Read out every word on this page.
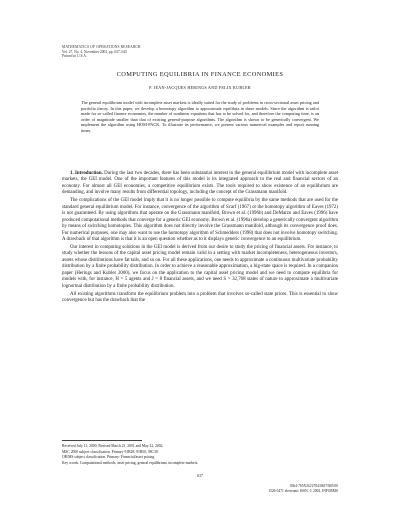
MATHEMATICS OF OPERATIONS RESEARCH
Vol. 27, No. 4, November 2002, pp. 637–645
Printed in U.S.A.
COMPUTING EQUILIBRIA IN FINANCE ECONOMIES
P. JEAN-JACQUES HERINGS AND FELIX KUBLER
The general equilibrium model with incomplete asset markets is ideally suited for the study of problems in cross-sectional asset pricing and portfolio theory. In this paper, we develop a homotopy algorithm to approximate equilibria in these models. Since the algorithm is tailor made for so-called finance economies, the number of nonlinear equations that has to be solved for, and therefore the computing time, is an order of magnitude smaller than that of existing general-purpose algorithms. The algorithm is shown to be generically convergent. We implement the algorithm using HOM-PACK. To illustrate its performance, we present various numerical examples and report running times.

1. Introduction. During the last two decades, there has been substantial interest in the general equilibrium model with incomplete asset markets, the GEI model. One of the important features of this model is its integrated approach to the real and financial sectors of an economy. For almost all GEI economies, a competitive equilibrium exists. The tools required to show existence of an equilibrium are demanding, and involve many results from differential topology, including the concept of the Grassmann manifold.

The complications of the GEI model imply that it is no longer possible to compute equilibria by the same methods that are used for the standard general equilibrium model. For instance, convergence of the algorithm of Scarf (1967) or the homotopy algorithm of Eaves (1972) is not guaranteed. By using algorithms that operate on the Grassmann manifold, Brown et al. (1996b) and DeMarzo and Eaves (1996) have produced computational methods that converge for a generic GEI economy. Brown et al. (1996a) develop a generically convergent algorithm by means of switching homotopies. This algorithm does not directly involve the Grassmann manifold, although its convergence proof does. For numerical purposes, one may also want to use the homotopy algorithm of Schmedders (1998) that does not involve homotopy switching. A drawback of that algorithm is that it is an open question whether as to it displays generic convergence to an equilibrium.

Our interest in computing solutions in the GEI model is derived from our desire to study the pricing of financial assets. For instance, to study whether the lessons of the capital asset pricing model remain valid in a setting with market incompleteness, heterogeneous investors, assets whose distributions have fat tails, and so on. For all these applications, one needs to approximate a continuous multivariate probability distribution by a finite probability distribution. In order to achieve a reasonable approximation, a big-state space is required. In a companion paper (Herings and Kubler 2000), we focus on the application to the capital asset pricing model and we need to compute equilibria for models with, for instance, H = 5 agents and J = 8 financial assets, and we need S = 32,768 states of nature to approximate a multivariate lognormal distribution by a finite probability distribution.

All existing algorithms transform the equilibrium problem into a problem that involves so-called state prices. This is essential to show convergence but has the drawback that the

Received July 11, 2000; Revised March 21, 2001 and May 22, 2002.
MSC 2000 subject classification. Primary 91B28, 91B50, 58C30.
OR/MS subject classification. Primary: Financial/asset pricing.
Key words. Computational methods, asset pricing, general equilibrium, incomplete markets.
637
0364-765X/02/2704/0637/$05.00
1526-5471 electronic ISSN, © 2002, INFORMS
